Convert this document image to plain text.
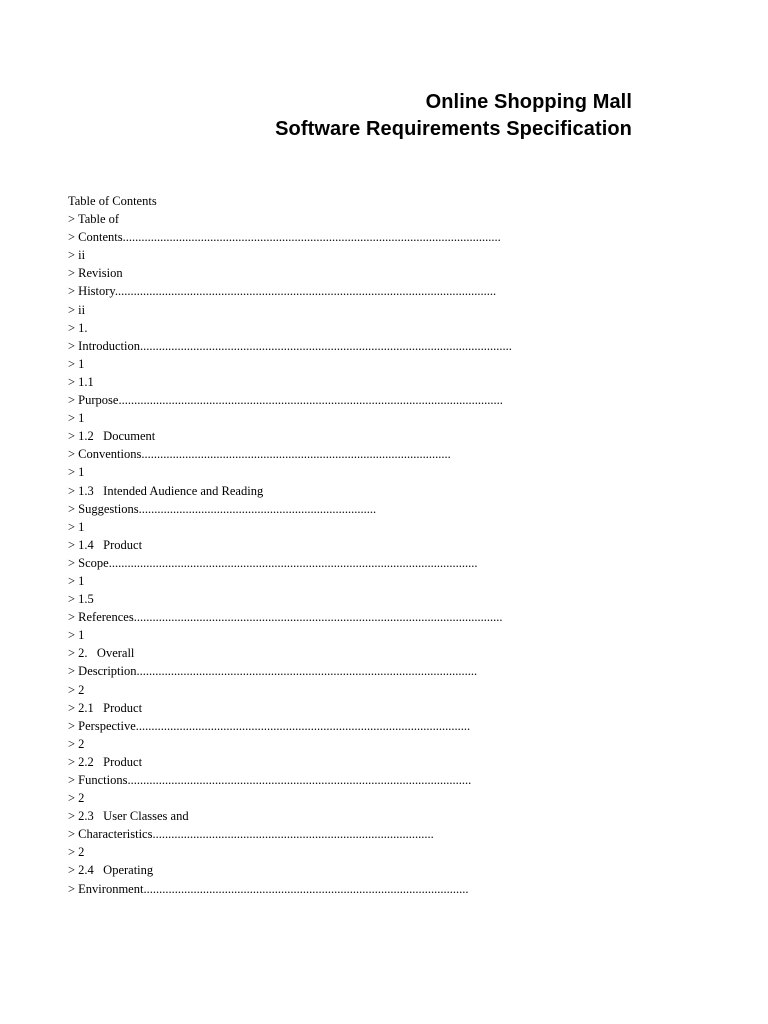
Online Shopping Mall
Software Requirements Specification
Table of Contents
> Table of
> Contents.........................................................................................................................
> ii
> Revision
> History..........................................................................................................................
> ii
> 1.
> Introduction.......................................................................................................................
> 1
> 1.1
> Purpose...........................................................................................................................
> 1
> 1.2   Document
> Conventions...................................................................................................
> 1
> 1.3   Intended Audience and Reading
> Suggestions............................................................................
> 1
> 1.4   Product
> Scope......................................................................................................................
> 1
> 1.5
> References......................................................................................................................
> 1
> 2.   Overall
> Description.............................................................................................................
> 2
> 2.1   Product
> Perspective...........................................................................................................
> 2
> 2.2   Product
> Functions..............................................................................................................
> 2
> 2.3   User Classes and
> Characteristics..........................................................................................
> 2
> 2.4   Operating
> Environment........................................................................................................
